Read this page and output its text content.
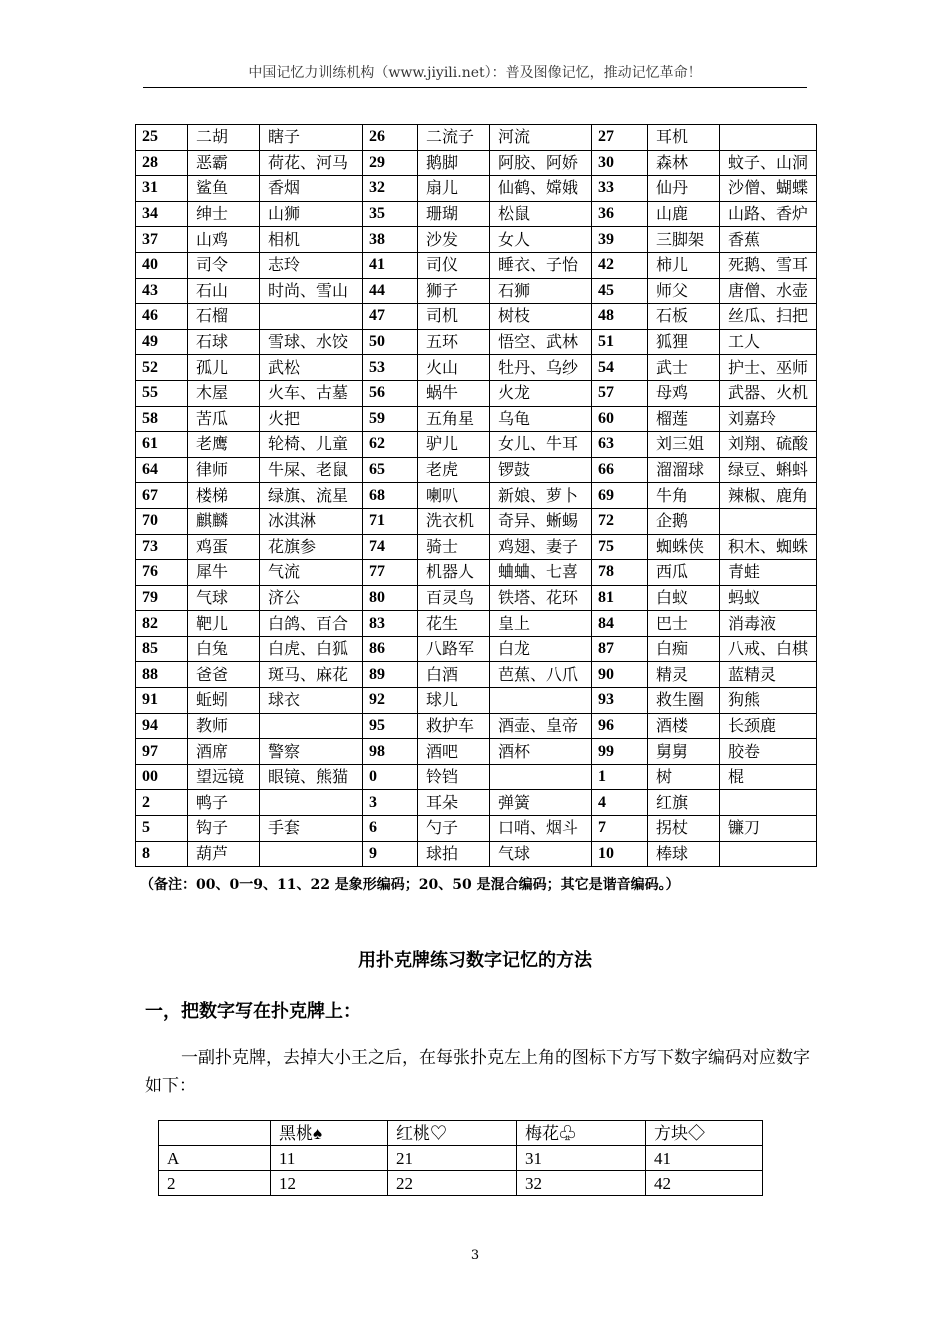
中国记忆力训练机构（www.jiyili.net）：普及图像记忆，推动记忆革命！
25	二胡	瞎子	26	二流子	河流	27	耳机	
28	恶霸	荷花、河马	29	鹅脚	阿胶、阿娇	30	森林	蚊子、山洞
31	鲨鱼	香烟	32	扇儿	仙鹤、嫦娥	33	仙丹	沙僧、蝴蝶
34	绅士	山狮	35	珊瑚	松鼠	36	山鹿	山路、香炉
37	山鸡	相机	38	沙发	女人	39	三脚架	香蕉
40	司令	志玲	41	司仪	睡衣、子怡	42	柿儿	死鹅、雪耳
43	石山	时尚、雪山	44	狮子	石狮	45	师父	唐僧、水壶
46	石榴		47	司机	树枝	48	石板	丝瓜、扫把
49	石球	雪球、水饺	50	五环	悟空、武林	51	狐狸	工人
52	孤儿	武松	53	火山	牡丹、乌纱	54	武士	护士、巫师
55	木屋	火车、古墓	56	蜗牛	火龙	57	母鸡	武器、火机
58	苦瓜	火把	59	五角星	乌龟	60	榴莲	刘嘉玲
61	老鹰	轮椅、儿童	62	驴儿	女儿、牛耳	63	刘三姐	刘翔、硫酸
64	律师	牛屎、老鼠	65	老虎	锣鼓	66	溜溜球	绿豆、蝌蚪
67	楼梯	绿旗、流星	68	喇叭	新娘、萝卜	69	牛角	辣椒、鹿角
70	麒麟	冰淇淋	71	洗衣机	奇异、蜥蜴	72	企鹅	
73	鸡蛋	花旗参	74	骑士	鸡翅、妻子	75	蜘蛛侠	积木、蜘蛛
76	犀牛	气流	77	机器人	蛐蛐、七喜	78	西瓜	青蛙
79	气球	济公	80	百灵鸟	铁塔、花环	81	白蚁	蚂蚁
82	靶儿	白鸽、百合	83	花生	皇上	84	巴士	消毒液
85	白兔	白虎、白狐	86	八路军	白龙	87	白痴	八戒、白棋
88	爸爸	斑马、麻花	89	白酒	芭蕉、八爪	90	精灵	蓝精灵
91	蚯蚓	球衣	92	球儿		93	救生圈	狗熊
94	教师		95	救护车	酒壶、皇帝	96	酒楼	长颈鹿
97	酒席	警察	98	酒吧	酒杯	99	舅舅	胶卷
00	望远镜	眼镜、熊猫	0	铃铛		1	树	棍
2	鸭子		3	耳朵	弹簧	4	红旗	
5	钩子	手套	6	勺子	口哨、烟斗	7	拐杖	镰刀
8	葫芦		9	球拍	气球	10	棒球	
（备注：00、0一9、11、22 是象形编码；20、50 是混合编码；其它是谐音编码。）
用扑克牌练习数字记忆的方法
一，把数字写在扑克牌上：
一副扑克牌，去掉大小王之后，在每张扑克左上角的图标下方写下数字编码对应数字如下：
	黑桃♠	红桃♡	梅花♧	方块◇
A	11	21	31	41
2	12	22	32	42
3
